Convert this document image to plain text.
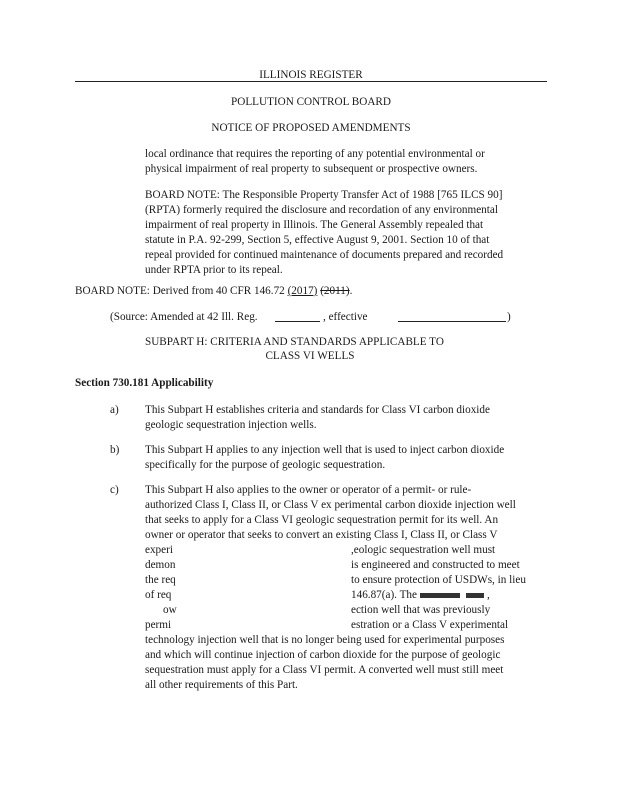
ILLINOIS REGISTER
POLLUTION CONTROL BOARD
NOTICE OF PROPOSED AMENDMENTS
local ordinance that requires the reporting of any potential environmental or
physical impairment of real property to subsequent or prospective owners.
BOARD NOTE: The Responsible Property Transfer Act of 1988 [765 ILCS 90]
(RPTA) formerly required the disclosure and recordation of any environmental
impairment of real property in Illinois. The General Assembly repealed that
statute in P.A. 92-299, Section 5, effective August 9, 2001. Section 10 of that
repeal provided for continued maintenance of documents prepared and recorded
under RPTA prior to its repeal.
BOARD NOTE: Derived from 40 CFR 146.72 (2017) (2011).
(Source: Amended at 42 Ill. Reg.	, effective	)
SUBPART H: CRITERIA AND STANDARDS APPLICABLE TO
CLASS VI WELLS
Section 730.181 Applicability
a) This Subpart H establishes criteria and standards for Class VI carbon dioxide
geologic sequestration injection wells.
b) This Subpart H applies to any injection well that is used to inject carbon dioxide
specifically for the purpose of geologic sequestration.
c) This Subpart H also applies to the owner or operator of a permit- or rule-
authorized Class I, Class II, or Class V ex perimental carbon dioxide injection well
that seeks to apply for a Class VI geologic sequestration permit for its well. An
owner or operator that seeks to convert an existing Class I, Class II, or Class V
experi	,eologic sequestration well must
demon	is engineered and constructed to meet
the req	to ensure protection of USDWs, in lieu
of req	146.87(a). The	,
ow	ection well that was previously
permi	estration or a Class V experimental
technology injection well that is no longer being used for experimental purposes
and which will continue injection of carbon dioxide for the purpose of geologic
sequestration must apply for a Class VI permit. A converted well must still meet
all other requirements of this Part.
